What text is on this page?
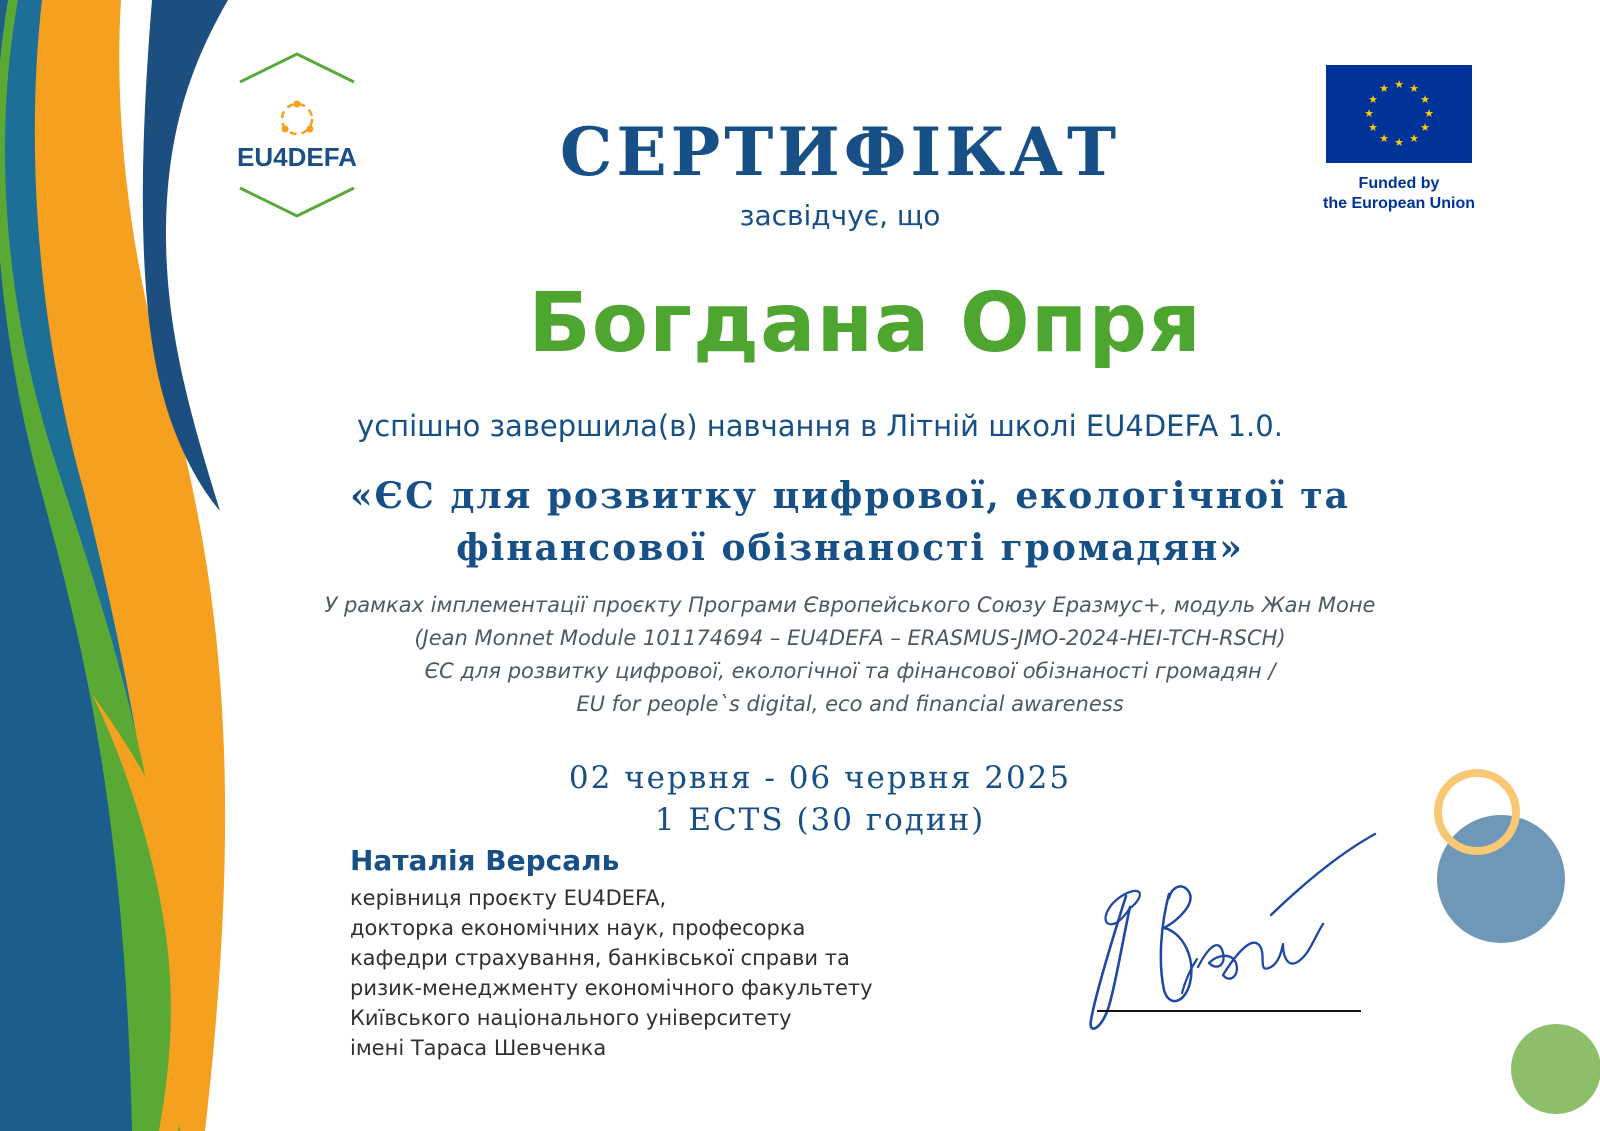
EU4DEFA
★ ★
★
★
★
★
★
★
★
★
★
★
Funded by
the European Union
СЕРТИФІКАТ
засвідчує, що
Богдана Опря
успішно завершила(в) навчання в Літній школі EU4DEFA 1.0.
«ЄС для розвитку цифрової, екологічної та
фінансової обізнаності громадян»
У рамках імплементації проєкту Програми Європейського Союзу Еразмус+, модуль Жан Моне
(Jean Monnet Module 101174694 – EU4DEFA – ERASMUS-JMO-2024-HEI-TCH-RSCH)
ЄС для розвитку цифрової, екологічної та фінансової обізнаності громадян /
EU for people`s digital, eco and financial awareness
02 червня - 06 червня 2025
1 ECTS (30 годин)
Наталія Версаль
керівниця проєкту EU4DEFA,
докторка економічних наук, професорка
кафедри страхування, банківської справи та
ризик-менеджменту економічного факультету
Київського національного університету
імені Тараса Шевченка
